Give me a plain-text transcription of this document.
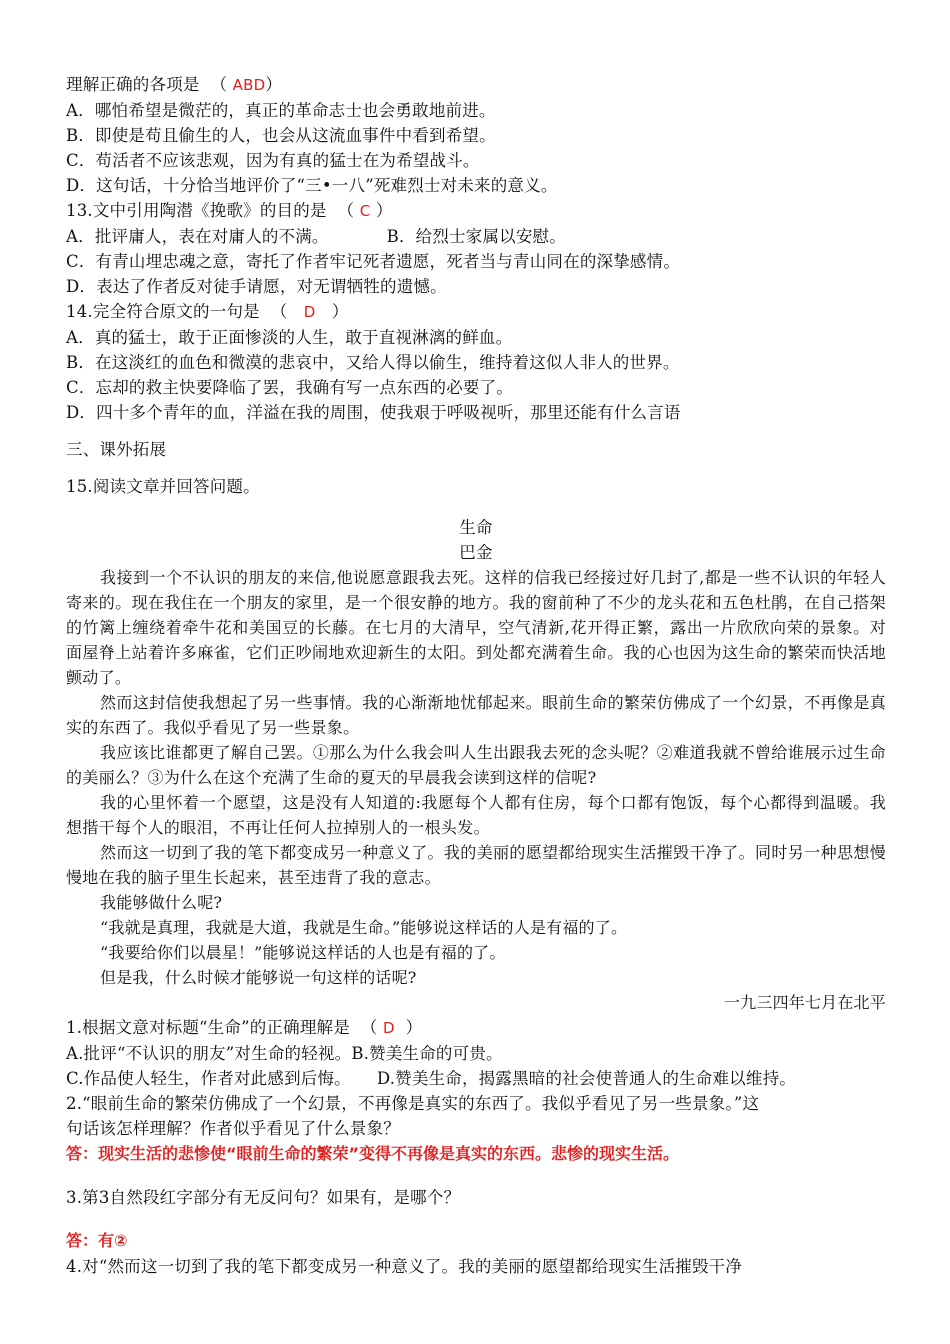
理解正确的各项是  （ ABD）
A．哪怕希望是微茫的，真正的革命志士也会勇敢地前进。
B．即使是苟且偷生的人，也会从这流血事件中看到希望。
C．苟活者不应该悲观，因为有真的猛士在为希望战斗。
D．这句话，十分恰当地评价了“三•一八”死难烈士对未来的意义。
13.文中引用陶潜《挽歌》的目的是  （ C ）
A．批评庸人，表在对庸人的不满。	B．给烈士家属以安慰。
C．有青山埋忠魂之意，寄托了作者牢记死者遗愿，死者当与青山同在的深挚感情。
D．表达了作者反对徒手请愿，对无谓牺牲的遗憾。
14.完全符合原文的一句是  （   D   ）
A．真的猛士，敢于正面惨淡的人生，敢于直视淋漓的鲜血。
B．在这淡红的血色和微漠的悲哀中，又给人得以偷生，维持着这似人非人的世界。
C．忘却的救主快要降临了罢，我确有写一点东西的必要了。
D．四十多个青年的血，洋溢在我的周围，使我艰于呼吸视听，那里还能有什么言语
三、课外拓展
15.阅读文章并回答问题。
生命
巴金
我接到一个不认识的朋友的来信,他说愿意跟我去死。这样的信我已经接过好几封了,都是一些不认识的年轻人寄来的。现在我住在一个朋友的家里，是一个很安静的地方。我的窗前种了不少的龙头花和五色杜鹃，在自己搭架的竹篱上缠绕着牵牛花和美国豆的长藤。在七月的大清早，空气清新,花开得正繁，露出一片欣欣向荣的景象。对面屋脊上站着许多麻雀，它们正吵闹地欢迎新生的太阳。到处都充满着生命。我的心也因为这生命的繁荣而快活地颤动了。
然而这封信使我想起了另一些事情。我的心渐渐地忧郁起来。眼前生命的繁荣仿佛成了一个幻景，不再像是真实的东西了。我似乎看见了另一些景象。
我应该比谁都更了解自己罢。①那么为什么我会叫人生出跟我去死的念头呢？②难道我就不曾给谁展示过生命的美丽么？③为什么在这个充满了生命的夏天的早晨我会读到这样的信呢?
我的心里怀着一个愿望，这是没有人知道的:我愿每个人都有住房，每个口都有饱饭，每个心都得到温暖。我想揩干每个人的眼泪，不再让任何人拉掉别人的一根头发。
然而这一切到了我的笔下都变成另一种意义了。我的美丽的愿望都给现实生活摧毁干净了。同时另一种思想慢慢地在我的脑子里生长起来，甚至违背了我的意志。
我能够做什么呢?
“我就是真理，我就是大道，我就是生命。”能够说这样话的人是有福的了。
“我要给你们以晨星！”能够说这样话的人也是有福的了。
但是我，什么时候才能够说一句这样的话呢?
一九三四年七月在北平
1.根据文意对标题“生命”的正确理解是  （ D  ）
A.批评“不认识的朋友”对生命的轻视。B.赞美生命的可贵。
C.作品使人轻生，作者对此感到后悔。 D.赞美生命，揭露黑暗的社会使普通人的生命难以维持。
2.“眼前生命的繁荣仿佛成了一个幻景，不再像是真实的东西了。我似乎看见了另一些景象。”这
句话该怎样理解？作者似乎看见了什么景象？
答：现实生活的悲惨使“眼前生命的繁荣”变得不再像是真实的东西。悲惨的现实生活。
3.第3自然段红字部分有无反问句？如果有，是哪个？
答：有②
4.对“然而这一切到了我的笔下都变成另一种意义了。我的美丽的愿望都给现实生活摧毁干净
